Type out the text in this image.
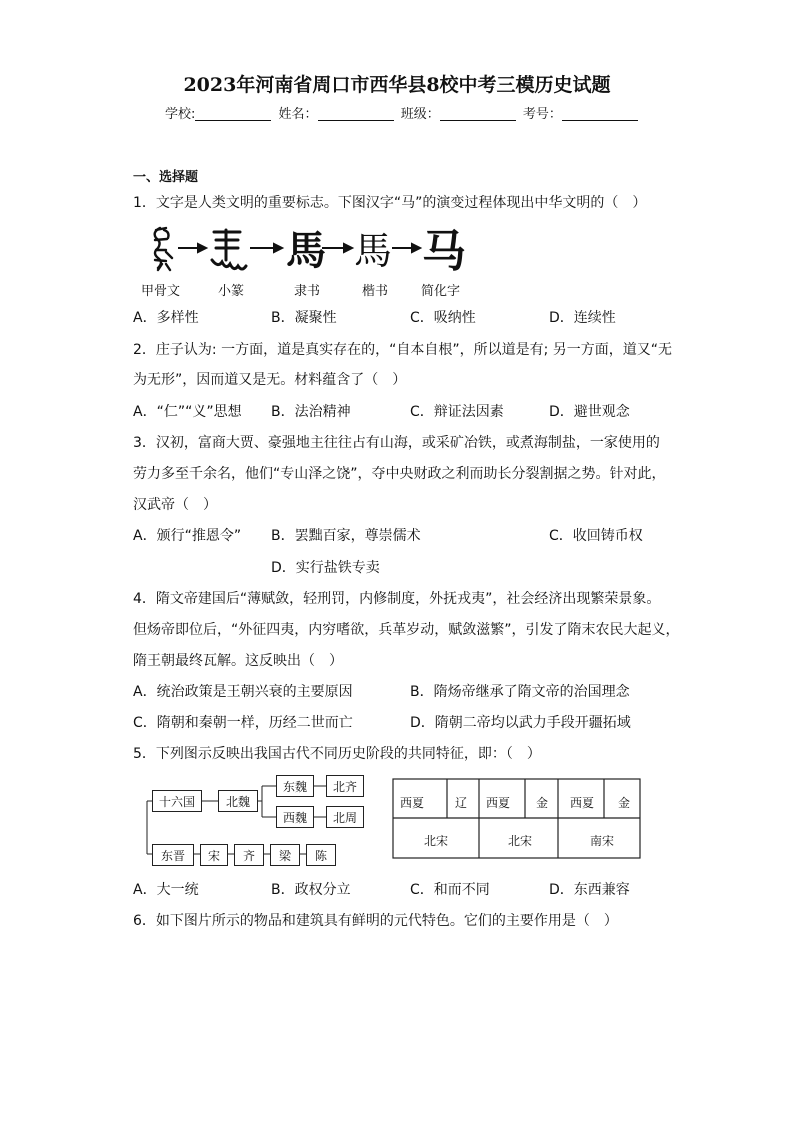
2023年河南省周口市西华县8校中考三模历史试题
学校:	姓名：	班级：	考号：
一、选择题
1．文字是人类文明的重要标志。下图汉字“马”的演变过程体现出中华文明的（　）
馬 馬 马
甲骨文	小篆	隶书	楷书	简化字
A．多样性	B．凝聚性	C．吸纳性	D．连续性
2．庄子认为: 一方面，道是真实存在的，“自本自根”，所以道是有; 另一方面，道又“无
为无形”，因而道又是无。材料蕴含了（　）
A．“仁”“义”思想 B．法治精神	C．辩证法因素	D．避世观念
3．汉初，富商大贾、豪强地主往往占有山海，或采矿冶铁，或煮海制盐，一家使用的
劳力多至千余名，他们“专山泽之饶”，夺中央财政之利而助长分裂割据之势。针对此，
汉武帝（　）
A．颁行“推恩令” B．罢黜百家，尊崇儒术	C．收回铸币权
D．实行盐铁专卖
4．隋文帝建国后“薄赋敛，轻刑罚，内修制度，外抚戎夷”，社会经济出现繁荣景象。
但炀帝即位后，“外征四夷，内穷嗜欲，兵革岁动，赋敛滋繁”，引发了隋末农民大起义，
隋王朝最终瓦解。这反映出（　）
A．统治政策是王朝兴衰的主要原因	B．隋炀帝继承了隋文帝的治国理念
C．隋朝和秦朝一样，历经二世而亡	D．隋朝二帝均以武力手段开疆拓域
5．下列图示反映出我国古代不同历史阶段的共同特征，即：（　）
十六国	北魏
东魏	北齐
西魏	北周
东晋	宋	齐	梁	陈
西夏	辽 西夏 金 西夏 金
北宋	北宋	南宋
A．大一统	B．政权分立	C．和而不同	D．东西兼容
6．如下图片所示的物品和建筑具有鲜明的元代特色。它们的主要作用是（　）
